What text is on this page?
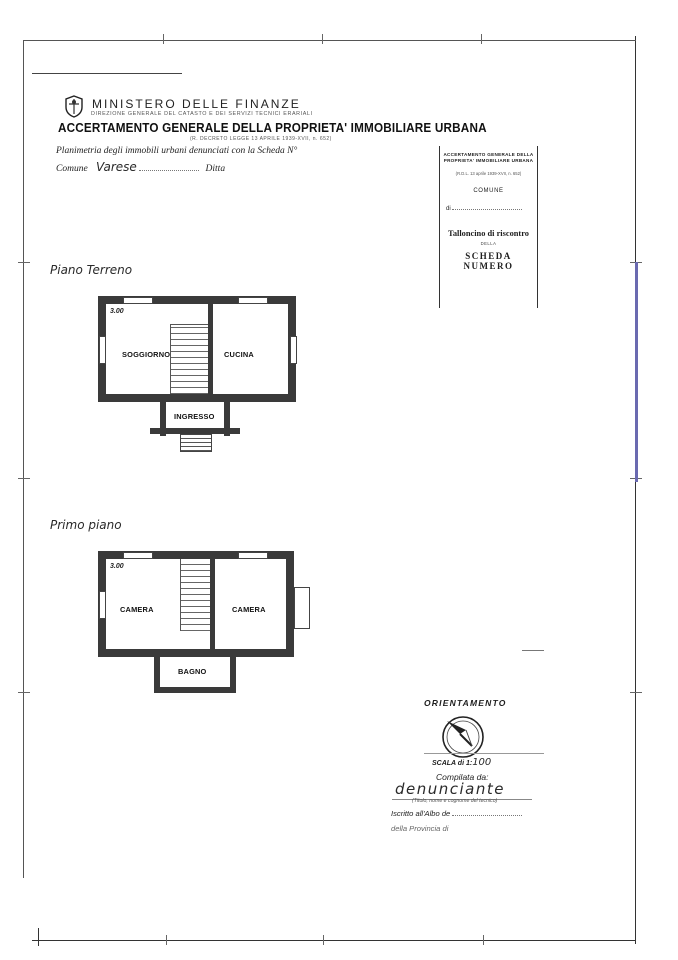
MINISTERO DELLE FINANZE
DIREZIONE GENERALE DEL CATASTO E DEI SERVIZI TECNICI ERARIALI
ACCERTAMENTO GENERALE DELLA PROPRIETA' IMMOBILIARE URBANA
(R. DECRETO LEGGE 13 APRILE 1939-XVII, n. 652)
Planimetria degli immobili urbani denunciati con la Scheda N°
Comune Varese	Ditta
ACCERTAMENTO GENERALE DELLA PROPRIETA' IMMOBILIARE URBANA
(R.D.L. 13 aprile 1939-XVII, n. 652)
COMUNE
di
Talloncino di riscontro
DELLA
SCHEDA NUMERO
Piano Terreno
3.00
SOGGIORNO	CUCINA
INGRESSO
Primo piano
3.00
CAMERA	CAMERA
BAGNO
ORIENTAMENTO
SCALA di 1:100
Compilata da:
denunciante
(Titolo, nome e cognome del tecnico)
Iscritto all'Albo de
della Provincia di
